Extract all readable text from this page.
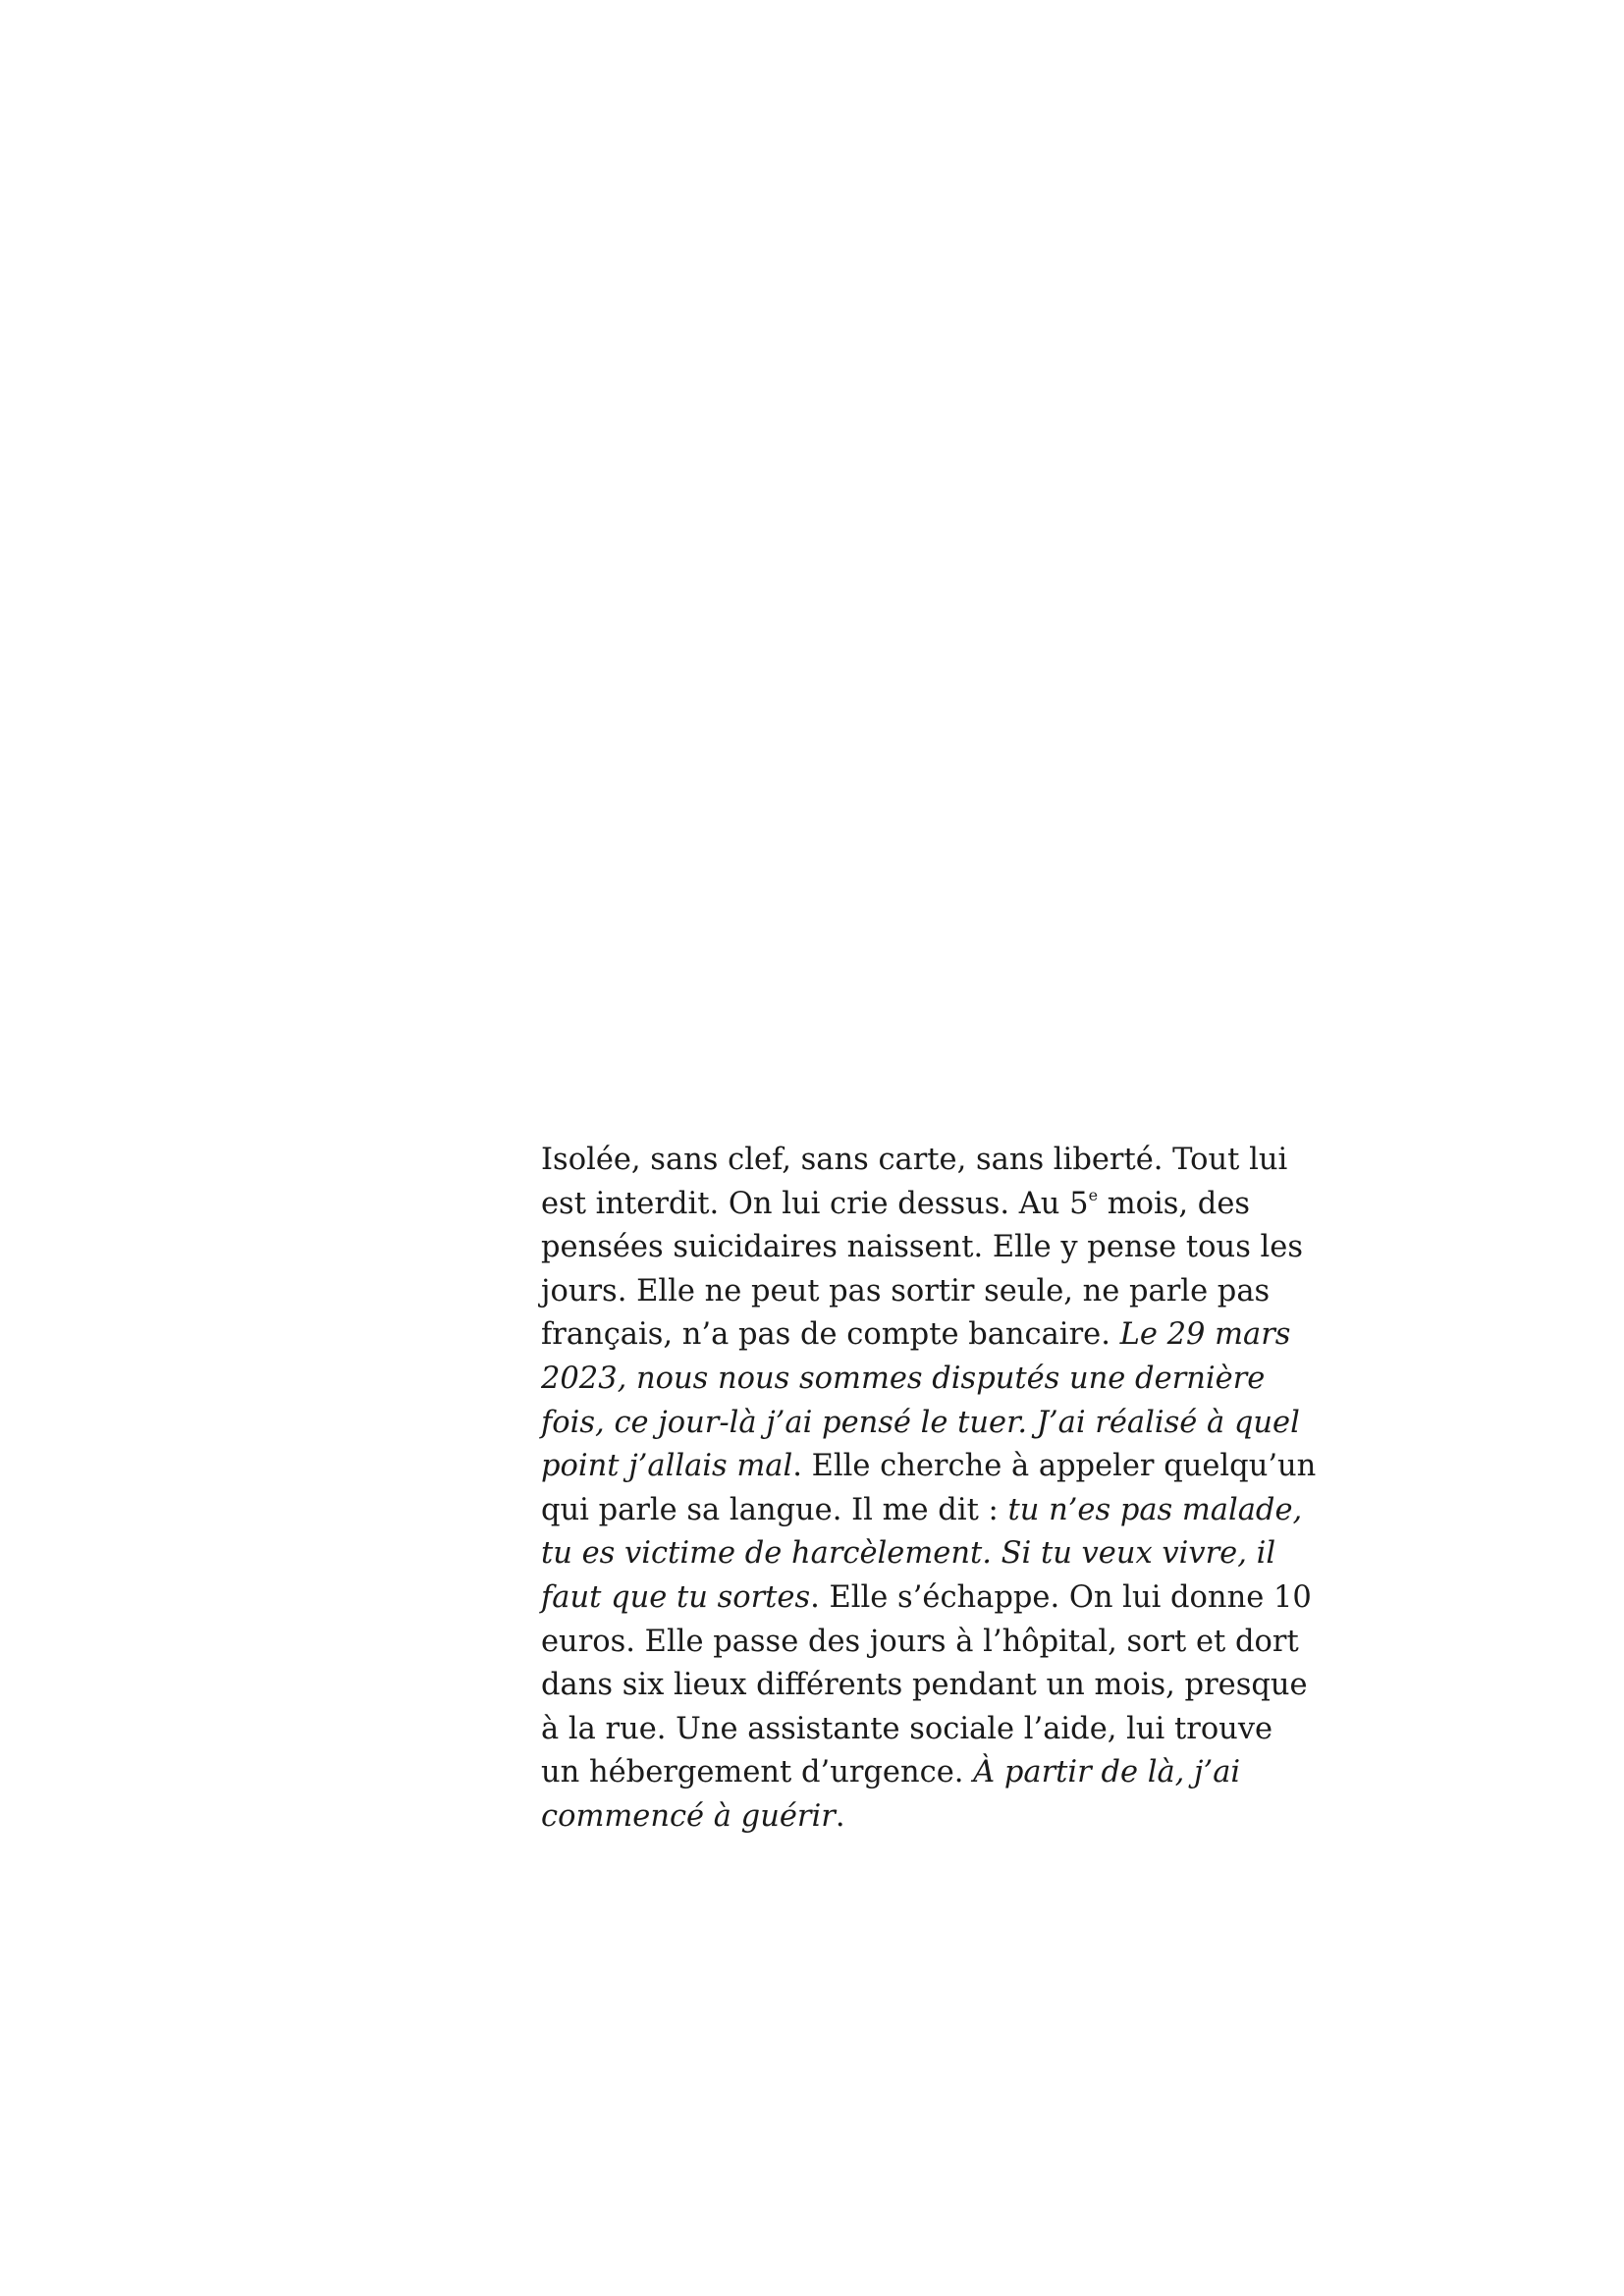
Isolée, sans clef, sans carte, sans liberté. Tout lui
est interdit. On lui crie dessus. Au 5e mois, des
pensées suicidaires naissent. Elle y pense tous les
jours. Elle ne peut pas sortir seule, ne parle pas
français, n’a pas de compte bancaire. Le 29 mars
2023, nous nous sommes disputés une dernière
fois, ce jour-là j’ai pensé le tuer. J’ai réalisé à quel
point j’allais mal. Elle cherche à appeler quelqu’un
qui parle sa langue. Il me dit : tu n’es pas malade,
tu es victime de harcèlement. Si tu veux vivre, il
faut que tu sortes. Elle s’échappe. On lui donne 10
euros. Elle passe des jours à l’hôpital, sort et dort
dans six lieux différents pendant un mois, presque
à la rue. Une assistante sociale l’aide, lui trouve
un hébergement d’urgence. À partir de là, j’ai
commencé à guérir.
